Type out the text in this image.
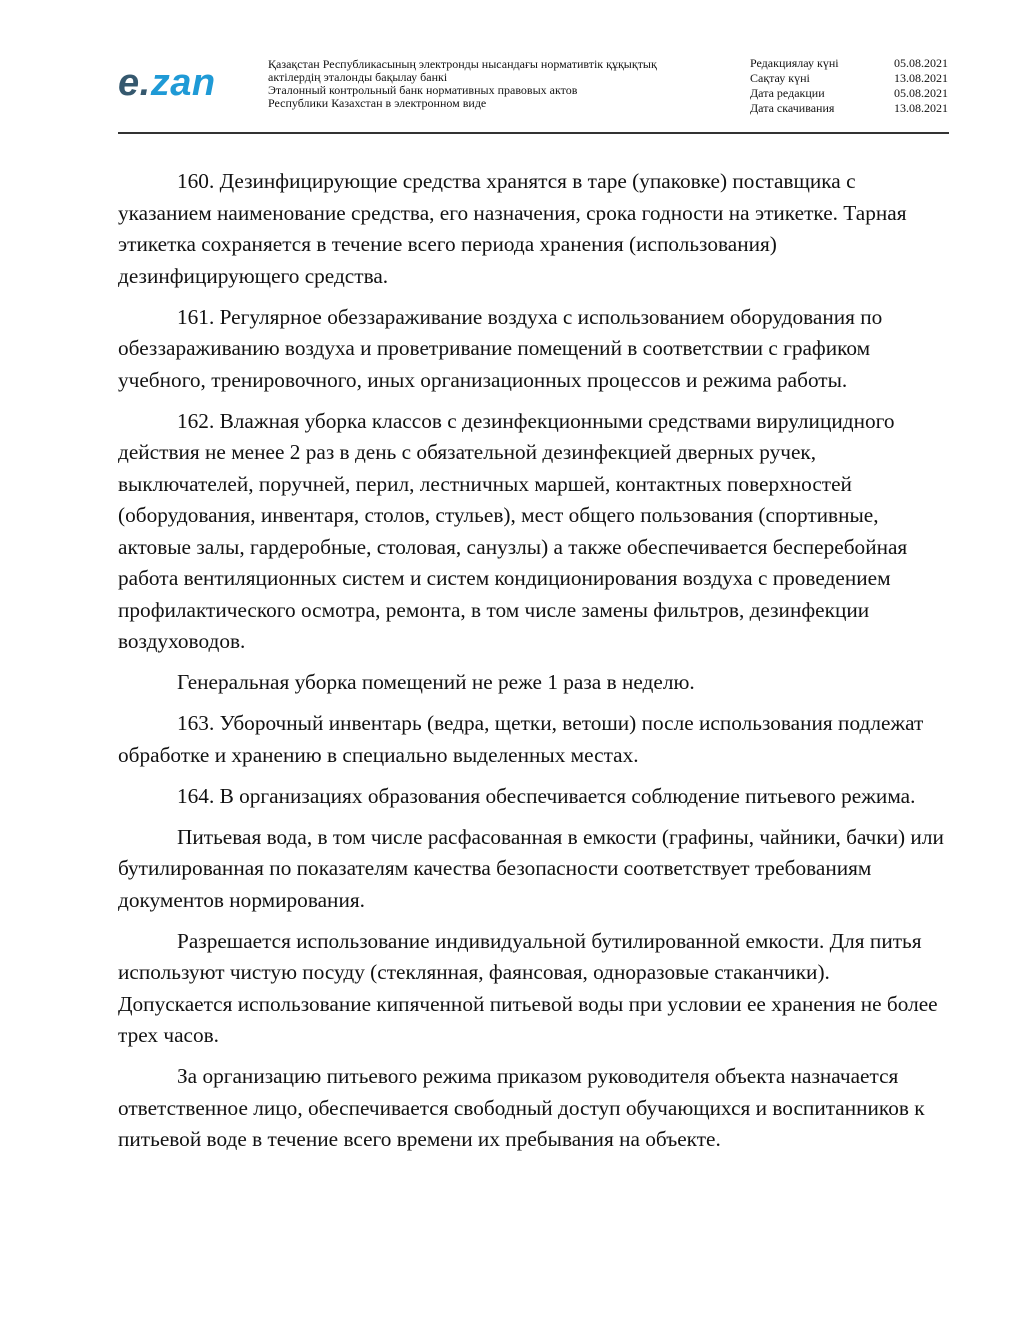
e.zan	Қазақстан Республикасының электронды нысандағы нормативтік құқықтық
актілердің эталонды бақылау банкі
Эталонный контрольный банк нормативных правовых актов
Республики Казахстан в электронном виде
Редакциялау күні	05.08.2021
Сақтау күні	13.08.2021
Дата редакции	05.08.2021
Дата скачивания	13.08.2021

160. Дезинфицирующие средства хранятся в таре (упаковке) поставщика с указанием наименование средства, его назначения, срока годности на этикетке. Тарная этикетка сохраняется в течение всего периода хранения (использования) дезинфицирующего средства.

161. Регулярное обеззараживание воздуха с использованием оборудования по обеззараживанию воздуха и проветривание помещений в соответствии с графиком учебного, тренировочного, иных организационных процессов и режима работы.

162. Влажная уборка классов с дезинфекционными средствами вирулицидного действия не менее 2 раз в день с обязательной дезинфекцией дверных ручек, выключателей, поручней, перил, лестничных маршей, контактных поверхностей (оборудования, инвентаря, столов, стульев), мест общего пользования (спортивные, актовые залы, гардеробные, столовая, санузлы) а также обеспечивается бесперебойная работа вентиляционных систем и систем кондиционирования воздуха с проведением профилактического осмотра, ремонта, в том числе замены фильтров, дезинфекции воздуховодов.

Генеральная уборка помещений не реже 1 раза в неделю.

163. Уборочный инвентарь (ведра, щетки, ветоши) после использования подлежат обработке и хранению в специально выделенных местах.

164. В организациях образования обеспечивается соблюдение питьевого режима.

Питьевая вода, в том числе расфасованная в емкости (графины, чайники, бачки) или бутилированная по показателям качества безопасности соответствует требованиям документов нормирования.

Разрешается использование индивидуальной бутилированной емкости. Для питья используют чистую посуду (стеклянная, фаянсовая, одноразовые стаканчики). Допускается использование кипяченной питьевой воды при условии ее хранения не более трех часов.

За организацию питьевого режима приказом руководителя объекта назначается ответственное лицо, обеспечивается свободный доступ обучающихся и воспитанников к питьевой воде в течение всего времени их пребывания на объекте.
